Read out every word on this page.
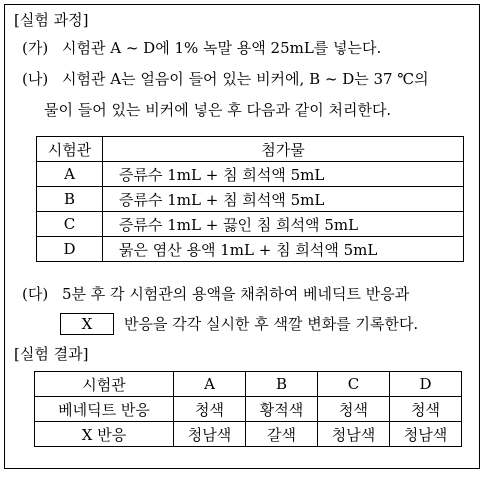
[실험 과정]
(가) 시험관 A ~ D에 1% 녹말 용액 25mL를 넣는다.
(나) 시험관 A는 얼음이 들어 있는 비커에, B ~ D는 37 ℃의
물이 들어 있는 비커에 넣은 후 다음과 같이 처리한다.
시험관	첨가물
A	증류수 1mL + 침 희석액 5mL
B	증류수 1mL + 침 희석액 5mL
C	증류수 1mL + 끓인 침 희석액 5mL
D	묽은 염산 용액 1mL + 침 희석액 5mL
(다) 5분 후 각 시험관의 용액을 채취하여 베네딕트 반응과
X	반응을 각각 실시한 후 색깔 변화를 기록한다.
[실험 결과]
시험관	A	B	C	D
베네딕트 반응	청색	황적색	청색	청색
X 반응	청남색	갈색	청남색	청남색
